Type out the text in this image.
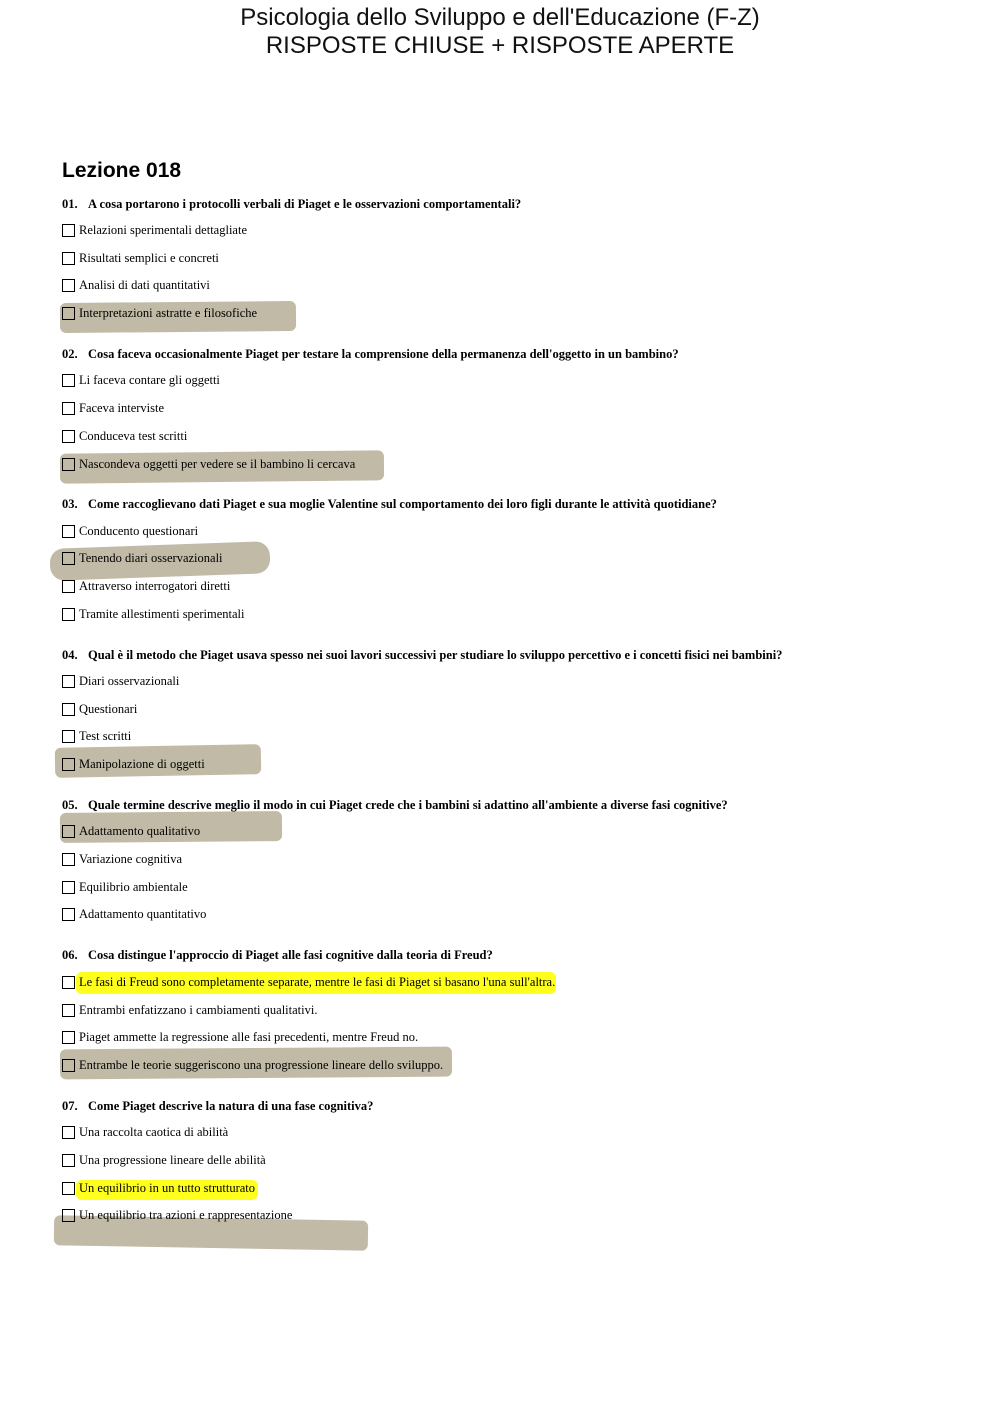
Psicologia dello Sviluppo e dell'Educazione (F-Z)
RISPOSTE CHIUSE + RISPOSTE APERTE
Lezione 018
01. A cosa portarono i protocolli verbali di Piaget e le osservazioni comportamentali?
Relazioni sperimentali dettagliate
Risultati semplici e concreti
Analisi di dati quantitativi
Interpretazioni astratte e filosofiche
02. Cosa faceva occasionalmente Piaget per testare la comprensione della permanenza dell'oggetto in un bambino?
Li faceva contare gli oggetti
Faceva interviste
Conduceva test scritti
Nascondeva oggetti per vedere se il bambino li cercava
03. Come raccoglievano dati Piaget e sua moglie Valentine sul comportamento dei loro figli durante le attività quotidiane?
Conducento questionari
Tenendo diari osservazionali
Attraverso interrogatori diretti
Tramite allestimenti sperimentali
04. Qual è il metodo che Piaget usava spesso nei suoi lavori successivi per studiare lo sviluppo percettivo e i concetti fisici nei bambini?
Diari osservazionali
Questionari
Test scritti
Manipolazione di oggetti
05. Quale termine descrive meglio il modo in cui Piaget crede che i bambini si adattino all'ambiente a diverse fasi cognitive?
Adattamento qualitativo
Variazione cognitiva
Equilibrio ambientale
Adattamento quantitativo
06. Cosa distingue l'approccio di Piaget alle fasi cognitive dalla teoria di Freud?
Le fasi di Freud sono completamente separate, mentre le fasi di Piaget si basano l'una sull'altra.
Entrambi enfatizzano i cambiamenti qualitativi.
Piaget ammette la regressione alle fasi precedenti, mentre Freud no.
Entrambe le teorie suggeriscono una progressione lineare dello sviluppo.
07. Come Piaget descrive la natura di una fase cognitiva?
Una raccolta caotica di abilità
Una progressione lineare delle abilità
Un equilibrio in un tutto strutturato
Un equilibrio tra azioni e rappresentazione
